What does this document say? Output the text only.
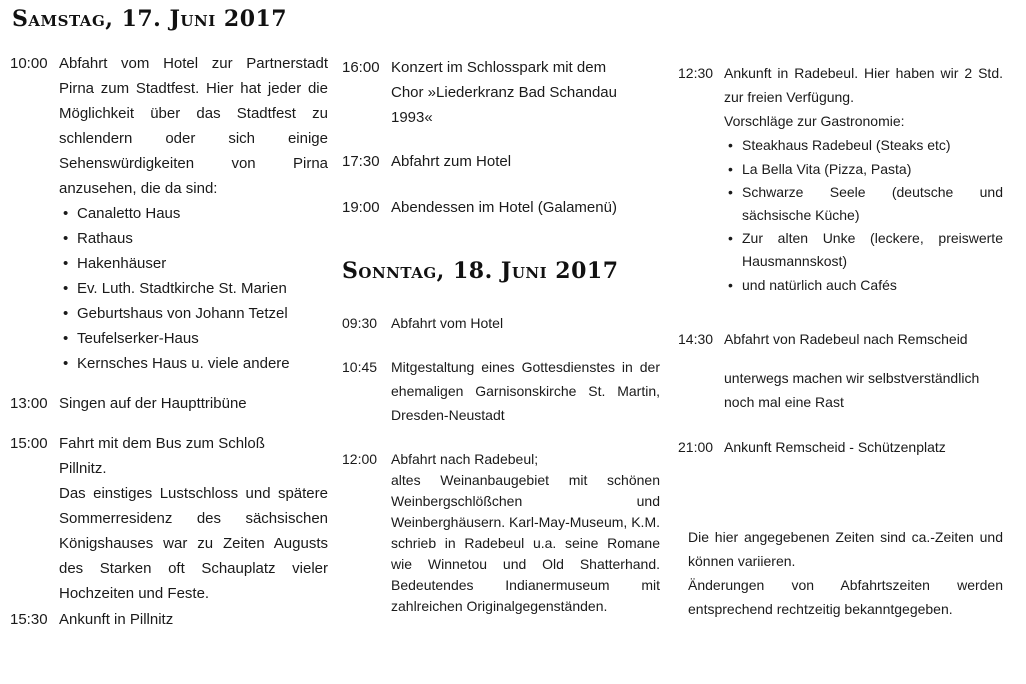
Samstag, 17. Juni 2017
Sonntag, 18. Juni 2017
10:00 Abfahrt vom Hotel zur Partnerstadt Pirna zum Stadtfest. Hier hat jeder die Möglichkeit über das Stadtfest zu schlendern oder sich einige Sehenswürdigkeiten von Pirna anzusehen, die da sind:

• Canaletto Haus
• Rathaus
• Hakenhäuser
• Ev. Luth. Stadtkirche St. Marien
• Geburtshaus von Johann Tetzel
• Teufelserker-Haus
• Kernsches Haus u. viele andere
13:00 Singen auf der Haupttribüne

15:00 Fahrt mit dem Bus zum Schloß Pillnitz.

Das einstiges Lustschloss und spätere Sommerresidenz des sächsischen Königshauses war zu Zeiten Augusts des Starken oft Schauplatz vieler Hochzeiten und Feste.

15:30 Ankunft in Pillnitz

16:00 Konzert im Schlosspark mit dem Chor »Liederkranz Bad Schandau 1993«

17:30 Abfahrt zum Hotel

19:00 Abendessen im Hotel (Galamenü)

09:30 Abfahrt vom Hotel

10:45 Mitgestaltung eines Gottesdienstes in der ehemaligen Garnisonskirche St. Martin, Dresden-Neustadt

12:00 Abfahrt nach Radebeul;

altes Weinanbaugebiet mit schönen Weinbergschlößchen und Weinberghäusern. Karl-May-Museum, K.M. schrieb in Radebeul u.a. seine Romane wie Winnetou und Old Shatterhand. Bedeutendes Indianermuseum mit zahlreichen Originalgegenständen.

12:30 Ankunft in Radebeul. Hier haben wir 2 Std. zur freien Verfügung.

Vorschläge zur Gastronomie:

• Steakhaus Radebeul (Steaks etc)
• La Bella Vita (Pizza, Pasta)
• Schwarze Seele (deutsche und sächsische Küche)
• Zur alten Unke (leckere, preiswerte Hausmannskost)
• und natürlich auch Cafés
14:30 Abfahrt von Radebeul nach Remscheid

unterwegs machen wir selbstverständlich noch mal eine Rast

21:00 Ankunft Remscheid - Schützenplatz

Die hier angegebenen Zeiten sind ca.-Zeiten und können variieren.

Änderungen von Abfahrtszeiten werden entsprechend rechtzeitig bekanntgegeben.
